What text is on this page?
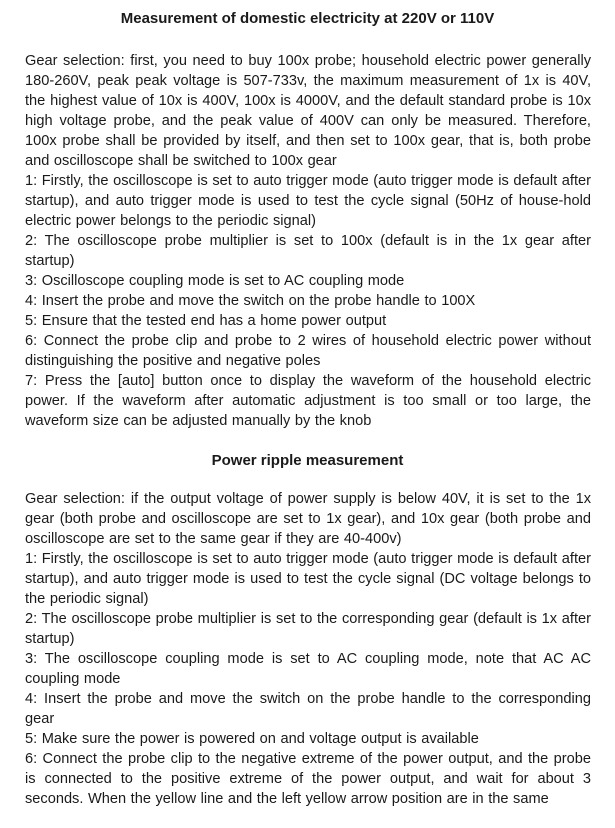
Measurement of domestic electricity at 220V or 110V

Gear selection: first, you need to buy 100x probe; household electric power generally 180-260V, peak peak voltage is 507-733v, the maximum measurement of 1x is 40V, the highest value of 10x is 400V, 100x is 4000V, and the default standard probe is 10x high voltage probe, and the peak value of 400V can only be measured. Therefore, 100x probe shall be provided by itself, and then set to 100x gear, that is, both probe and oscilloscope shall be switched to 100x gear

1: Firstly, the oscilloscope is set to auto trigger mode (auto trigger mode is default after startup), and auto trigger mode is used to test the cycle signal (50Hz of house-hold electric power belongs to the periodic signal)

2: The oscilloscope probe multiplier is set to 100x (default is in the 1x gear after startup)

3: Oscilloscope coupling mode is set to AC coupling mode

4: Insert the probe and move the switch on the probe handle to 100X

5: Ensure that the tested end has a home power output

6: Connect the probe clip and probe to 2 wires of household electric power without distinguishing the positive and negative poles

7: Press the [auto] button once to display the waveform of the household electric power. If the waveform after automatic adjustment is too small or too large, the waveform size can be adjusted manually by the knob

Power ripple measurement

Gear selection: if the output voltage of power supply is below 40V, it is set to the 1x gear (both probe and oscilloscope are set to 1x gear), and 10x gear (both probe and oscilloscope are set to the same gear if they are 40-400v)

1: Firstly, the oscilloscope is set to auto trigger mode (auto trigger mode is default after startup), and auto trigger mode is used to test the cycle signal (DC voltage belongs to the periodic signal)

2: The oscilloscope probe multiplier is set to the corresponding gear (default is 1x after startup)

3: The oscilloscope coupling mode is set to AC coupling mode, note that AC AC coupling mode

4: Insert the probe and move the switch on the probe handle to the corresponding gear

5: Make sure the power is powered on and voltage output is available

6: Connect the probe clip to the negative extreme of the power output, and the probe is connected to the positive extreme of the power output, and wait for about 3 seconds. When the yellow line and the left yellow arrow position are in the same
